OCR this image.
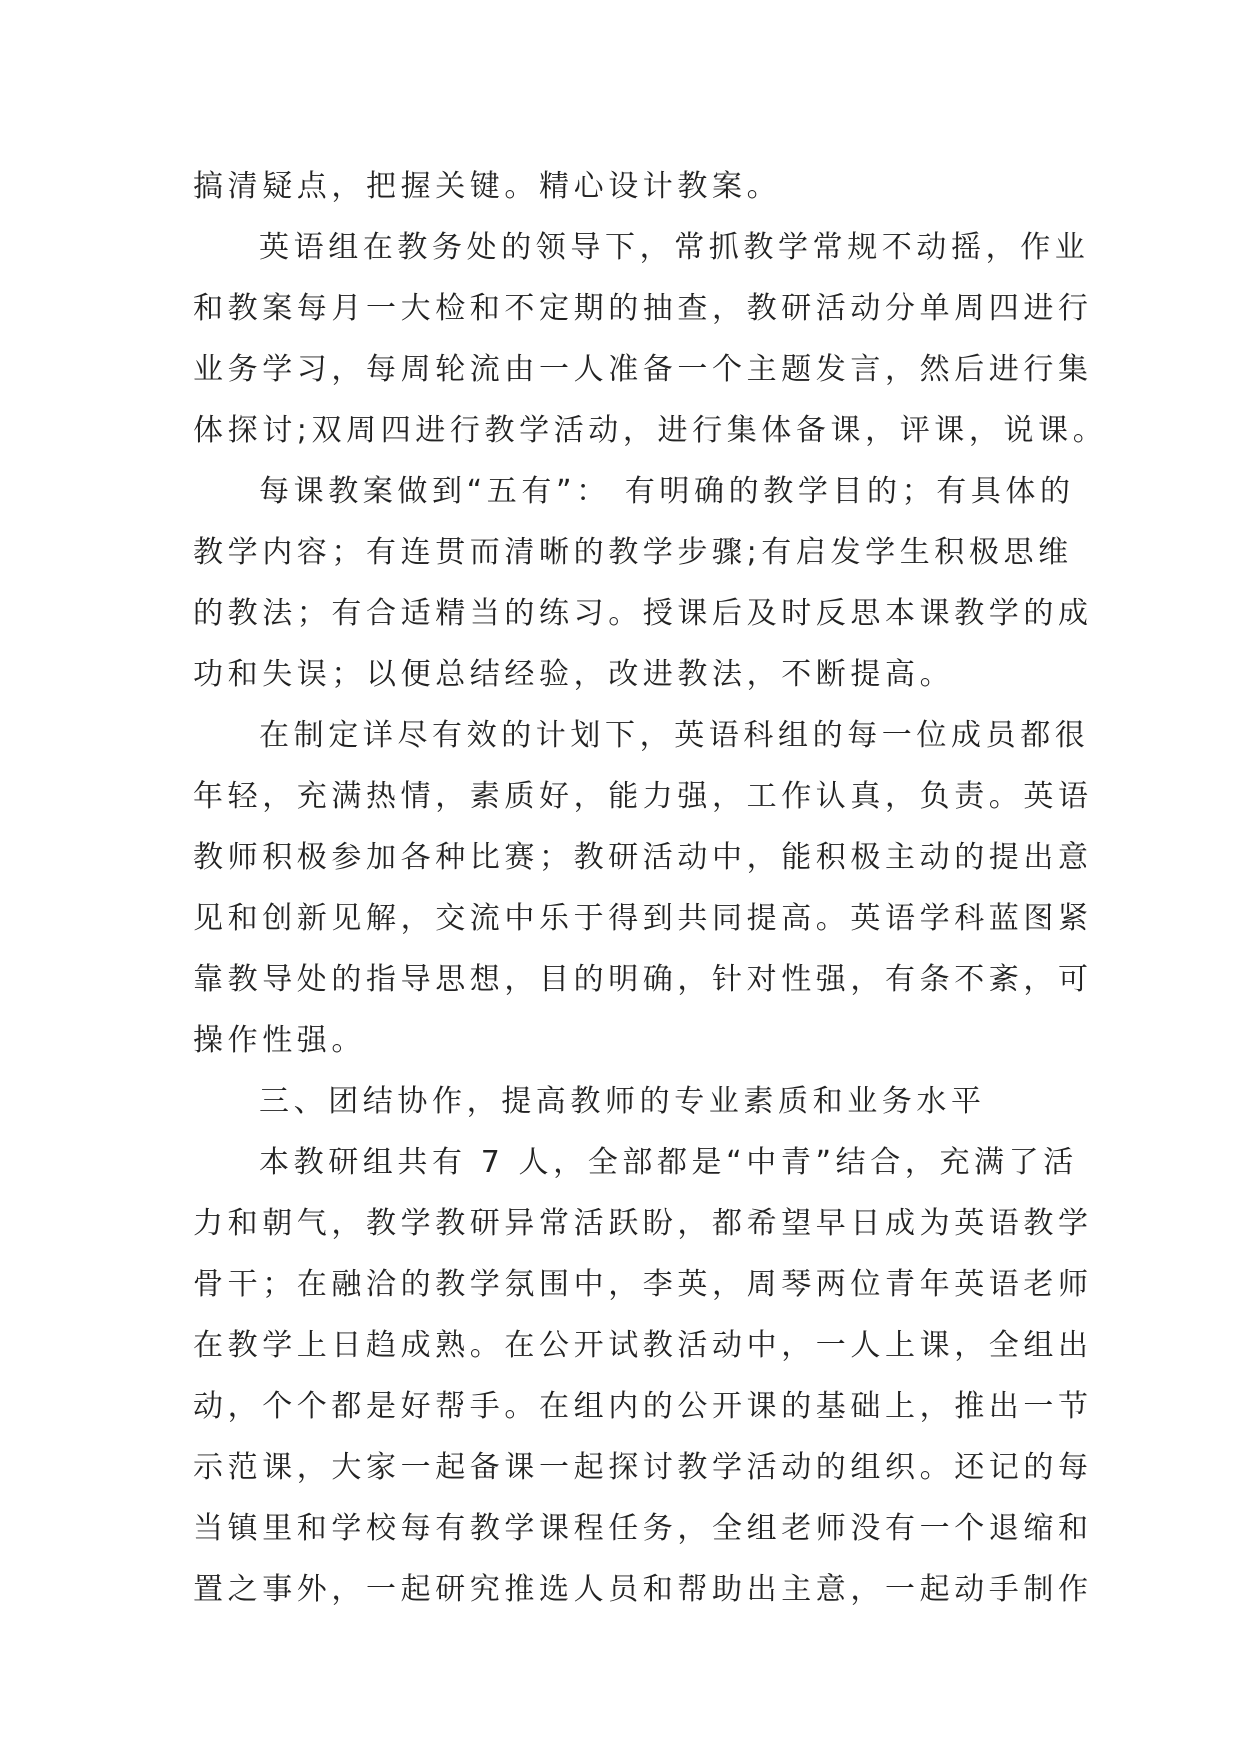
搞清疑点，把握关键。精心设计教案。
英语组在教务处的领导下，常抓教学常规不动摇，作业
和教案每月一大检和不定期的抽查，教研活动分单周四进行
业务学习，每周轮流由一人准备一个主题发言，然后进行集
体探讨;双周四进行教学活动，进行集体备课，评课，说课。
每课教案做到“五有”： 有明确的教学目的；有具体的
教学内容；有连贯而清晰的教学步骤;有启发学生积极思维
的教法；有合适精当的练习。授课后及时反思本课教学的成
功和失误；以便总结经验，改进教法，不断提高。
在制定详尽有效的计划下，英语科组的每一位成员都很
年轻，充满热情，素质好，能力强，工作认真，负责。英语
教师积极参加各种比赛；教研活动中，能积极主动的提出意
见和创新见解，交流中乐于得到共同提高。英语学科蓝图紧
靠教导处的指导思想，目的明确，针对性强，有条不紊，可
操作性强。
三、团结协作，提高教师的专业素质和业务水平
本教研组共有 7 人，全部都是“中青”结合，充满了活
力和朝气，教学教研异常活跃盼，都希望早日成为英语教学
骨干；在融洽的教学氛围中，李英，周琴两位青年英语老师
在教学上日趋成熟。在公开试教活动中，一人上课，全组出
动，个个都是好帮手。在组内的公开课的基础上，推出一节
示范课，大家一起备课一起探讨教学活动的组织。还记的每
当镇里和学校每有教学课程任务，全组老师没有一个退缩和
置之事外，一起研究推选人员和帮助出主意，一起动手制作
